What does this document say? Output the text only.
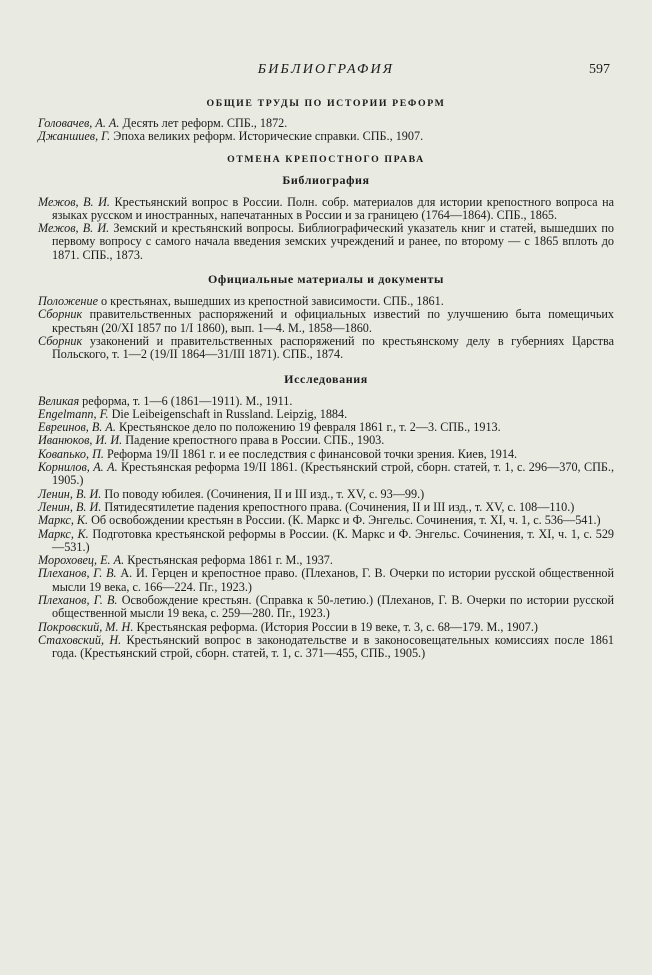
БИБЛИОГРАФИЯ	597
ОБЩИЕ ТРУДЫ ПО ИСТОРИИ РЕФОРМ
Головачев, А. А. Десять лет реформ. СПБ., 1872.
Джаншиев, Г. Эпоха великих реформ. Исторические справки. СПБ., 1907.
ОТМЕНА КРЕПОСТНОГО ПРАВА
Библиография
Межов, В. И. Крестьянский вопрос в России. Полн. собр. материалов для истории крепостного вопроса на языках русском и иностранных, напечатанных в России и за границею (1764—1864). СПБ., 1865.
Межов, В. И. Земский и крестьянский вопросы. Библиографический указатель книг и статей, вышедших по первому вопросу с самого начала введения земских учреждений и ранее, по второму — с 1865 вплоть до 1871. СПБ., 1873.
Официальные материалы и документы
Положение о крестьянах, вышедших из крепостной зависимости. СПБ., 1861.
Сборник правительственных распоряжений и официальных известий по улучшению быта помещичьих крестьян (20/XI 1857 по 1/I 1860), вып. 1—4. М., 1858—1860.
Сборник узаконений и правительственных распоряжений по крестьянскому делу в губерниях Царства Польского, т. 1—2 (19/II 1864—31/III 1871). СПБ., 1874.
Исследования
Великая реформа, т. 1—6 (1861—1911). М., 1911.
Engelmann, F. Die Leibeigenschaft in Russland. Leipzig, 1884.
Евреинов, В. А. Крестьянское дело по положению 19 февраля 1861 г., т. 2—3. СПБ., 1913.
Иванюков, И. И. Падение крепостного права в России. СПБ., 1903.
Коваnько, П. Реформа 19/II 1861 г. и ее последствия с финансовой точки зрения. Киев, 1914.
Корнилов, А. А. Крестьянская реформа 19/II 1861. (Крестьянский строй, сборн. статей, т. 1, с. 296—370, СПБ., 1905.)
Ленин, В. И. По поводу юбилея. (Сочинения, II и III изд., т. XV, с. 93—99.)
Ленин, В. И. Пятидесятилетие падения крепостного права. (Сочинения, II и III изд., т. XV, с. 108—110.)
Маркс, К. Об освобождении крестьян в России. (К. Маркс и Ф. Энгельс. Сочинения, т. XI, ч. 1, с. 536—541.)
Маркс, К. Подготовка крестьянской реформы в России. (К. Маркс и Ф. Энгельс. Сочинения, т. XI, ч. 1, с. 529—531.)
Мороховец, Е. А. Крестьянская реформа 1861 г. М., 1937.
Плеханов, Г. В. А. И. Герцен и крепостное право. (Плеханов, Г. В. Очерки по истории русской общественной мысли 19 века, с. 166—224. Пг., 1923.)
Плеханов, Г. В. Освобождение крестьян. (Справка к 50-летию.) (Плеханов, Г. В. Очерки по истории русской общественной мысли 19 века, с. 259—280. Пг., 1923.)
Покровский, М. Н. Крестьянская реформа. (История России в 19 веке, т. 3, с. 68—179. М., 1907.)
Стаховский, Н. Крестьянский вопрос в законодательстве и в законосовещательных комиссиях после 1861 года. (Крестьянский строй, сборн. статей, т. 1, с. 371—455, СПБ., 1905.)
